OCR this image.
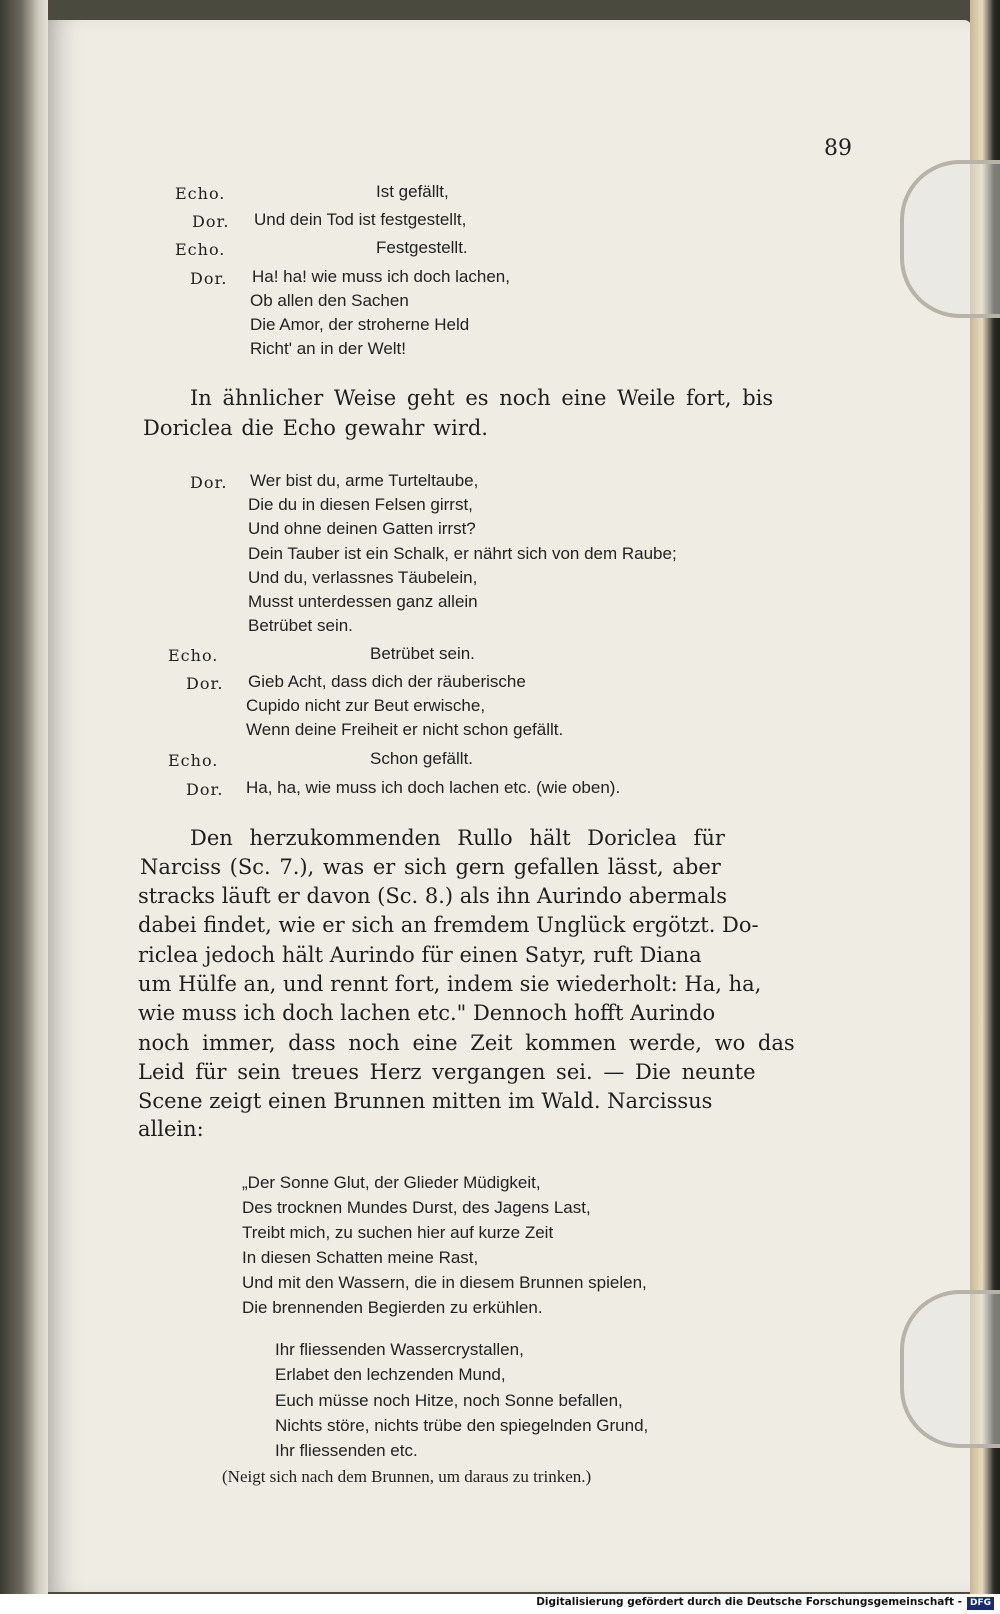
89
Echo.	Ist gefällt,
Dor. Und dein Tod ist festgestellt,
Echo.	Festgestellt.
Dor. Ha! ha! wie muss ich doch lachen,
Ob allen den Sachen
Die Amor, der stroherne Held
Richt' an in der Welt!
In ähnlicher Weise geht es noch eine Weile fort, bis
Doriclea die Echo gewahr wird.
Dor. Wer bist du, arme Turteltaube,
Die du in diesen Felsen girrst,
Und ohne deinen Gatten irrst?
Dein Tauber ist ein Schalk, er nährt sich von dem Raube;
Und du, verlassnes Täubelein,
Musst unterdessen ganz allein
Betrübet sein.
Echo.	Betrübet sein.
Dor. Gieb Acht, dass dich der räuberische
Cupido nicht zur Beut erwische,
Wenn deine Freiheit er nicht schon gefällt.
Echo.	Schon gefällt.
Dor. Ha, ha, wie muss ich doch lachen etc. (wie oben).
Den herzukommenden Rullo hält Doriclea für
Narciss (Sc. 7.), was er sich gern gefallen lässt, aber
stracks läuft er davon (Sc. 8.) als ihn Aurindo abermals
dabei findet, wie er sich an fremdem Unglück ergötzt. Do-
riclea jedoch hält Aurindo für einen Satyr, ruft Diana
um Hülfe an, und rennt fort, indem sie wiederholt: Ha, ha,
wie muss ich doch lachen etc." Dennoch hofft Aurindo
noch immer, dass noch eine Zeit kommen werde, wo das
Leid für sein treues Herz vergangen sei. — Die neunte
Scene zeigt einen Brunnen mitten im Wald. Narcissus
allein:
„Der Sonne Glut, der Glieder Müdigkeit,
Des trocknen Mundes Durst, des Jagens Last,
Treibt mich, zu suchen hier auf kurze Zeit
In diesen Schatten meine Rast,
Und mit den Wassern, die in diesem Brunnen spielen,
Die brennenden Begierden zu erkühlen.
Ihr fliessenden Wassercrystallen,
Erlabet den lechzenden Mund,
Euch müsse noch Hitze, noch Sonne befallen,
Nichts störe, nichts trübe den spiegelnden Grund,
Ihr fliessenden etc.
(Neigt sich nach dem Brunnen, um daraus zu trinken.)
Digitalisierung gefördert durch die Deutsche Forschungsgemeinschaft - DFG
